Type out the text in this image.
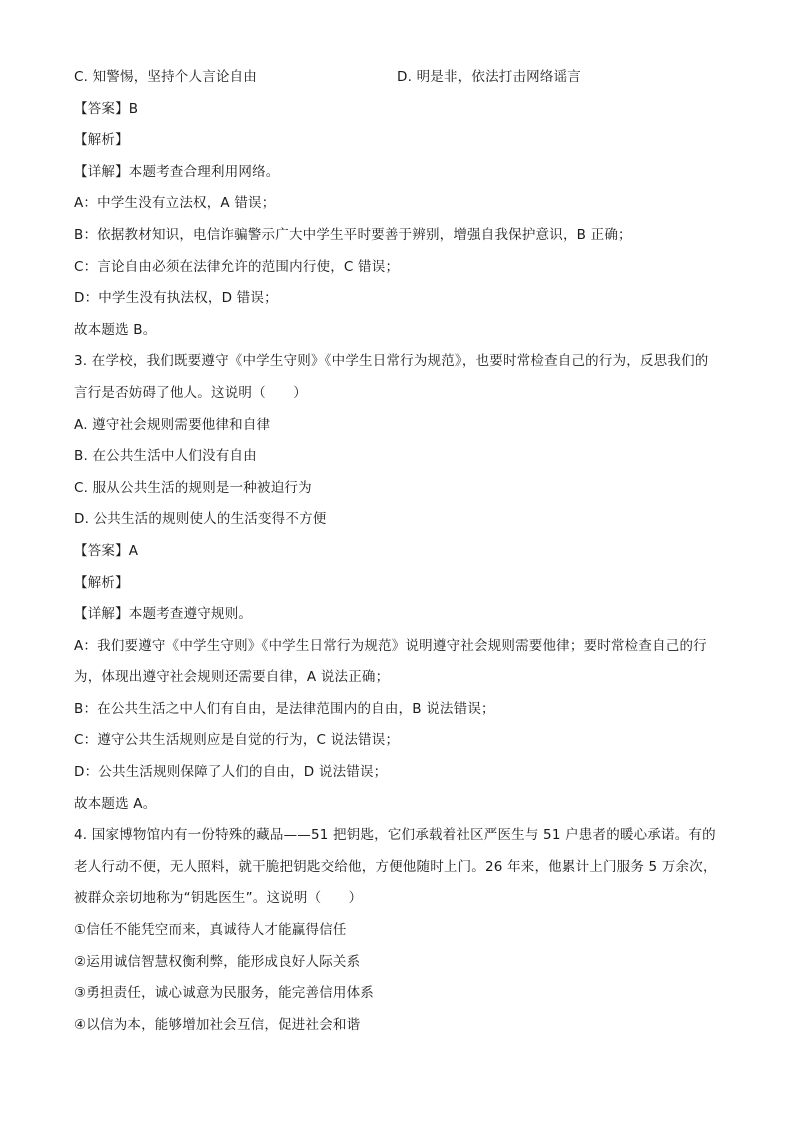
C. 知警惕，坚持个人言论自由	D. 明是非，依法打击网络谣言
【答案】B
【解析】
【详解】本题考查合理利用网络。
A：中学生没有立法权，A 错误；
B：依据教材知识，电信诈骗警示广大中学生平时要善于辨别，增强自我保护意识，B 正确；
C：言论自由必须在法律允许的范围内行使，C 错误；
D：中学生没有执法权，D 错误；
故本题选 B。
3. 在学校，我们既要遵守《中学生守则》《中学生日常行为规范》，也要时常检查自己的行为，反思我们的
言行是否妨碍了他人。这说明（　　）
A. 遵守社会规则需要他律和自律
B. 在公共生活中人们没有自由
C. 服从公共生活的规则是一种被迫行为
D. 公共生活的规则使人的生活变得不方便
【答案】A
【解析】
【详解】本题考查遵守规则。
A：我们要遵守《中学生守则》《中学生日常行为规范》说明遵守社会规则需要他律；要时常检查自己的行
为，体现出遵守社会规则还需要自律，A 说法正确；
B：在公共生活之中人们有自由，是法律范围内的自由，B 说法错误；
C：遵守公共生活规则应是自觉的行为，C 说法错误；
D：公共生活规则保障了人们的自由，D 说法错误；
故本题选 A。
4. 国家博物馆内有一份特殊的藏品——51 把钥匙，它们承载着社区严医生与 51 户患者的暖心承诺。有的
老人行动不便，无人照料，就干脆把钥匙交给他，方便他随时上门。26 年来，他累计上门服务 5 万余次，
被群众亲切地称为“钥匙医生”。这说明（　　）
①信任不能凭空而来，真诚待人才能赢得信任
②运用诚信智慧权衡利弊，能形成良好人际关系
③勇担责任，诚心诚意为民服务，能完善信用体系
④以信为本，能够增加社会互信，促进社会和谐
